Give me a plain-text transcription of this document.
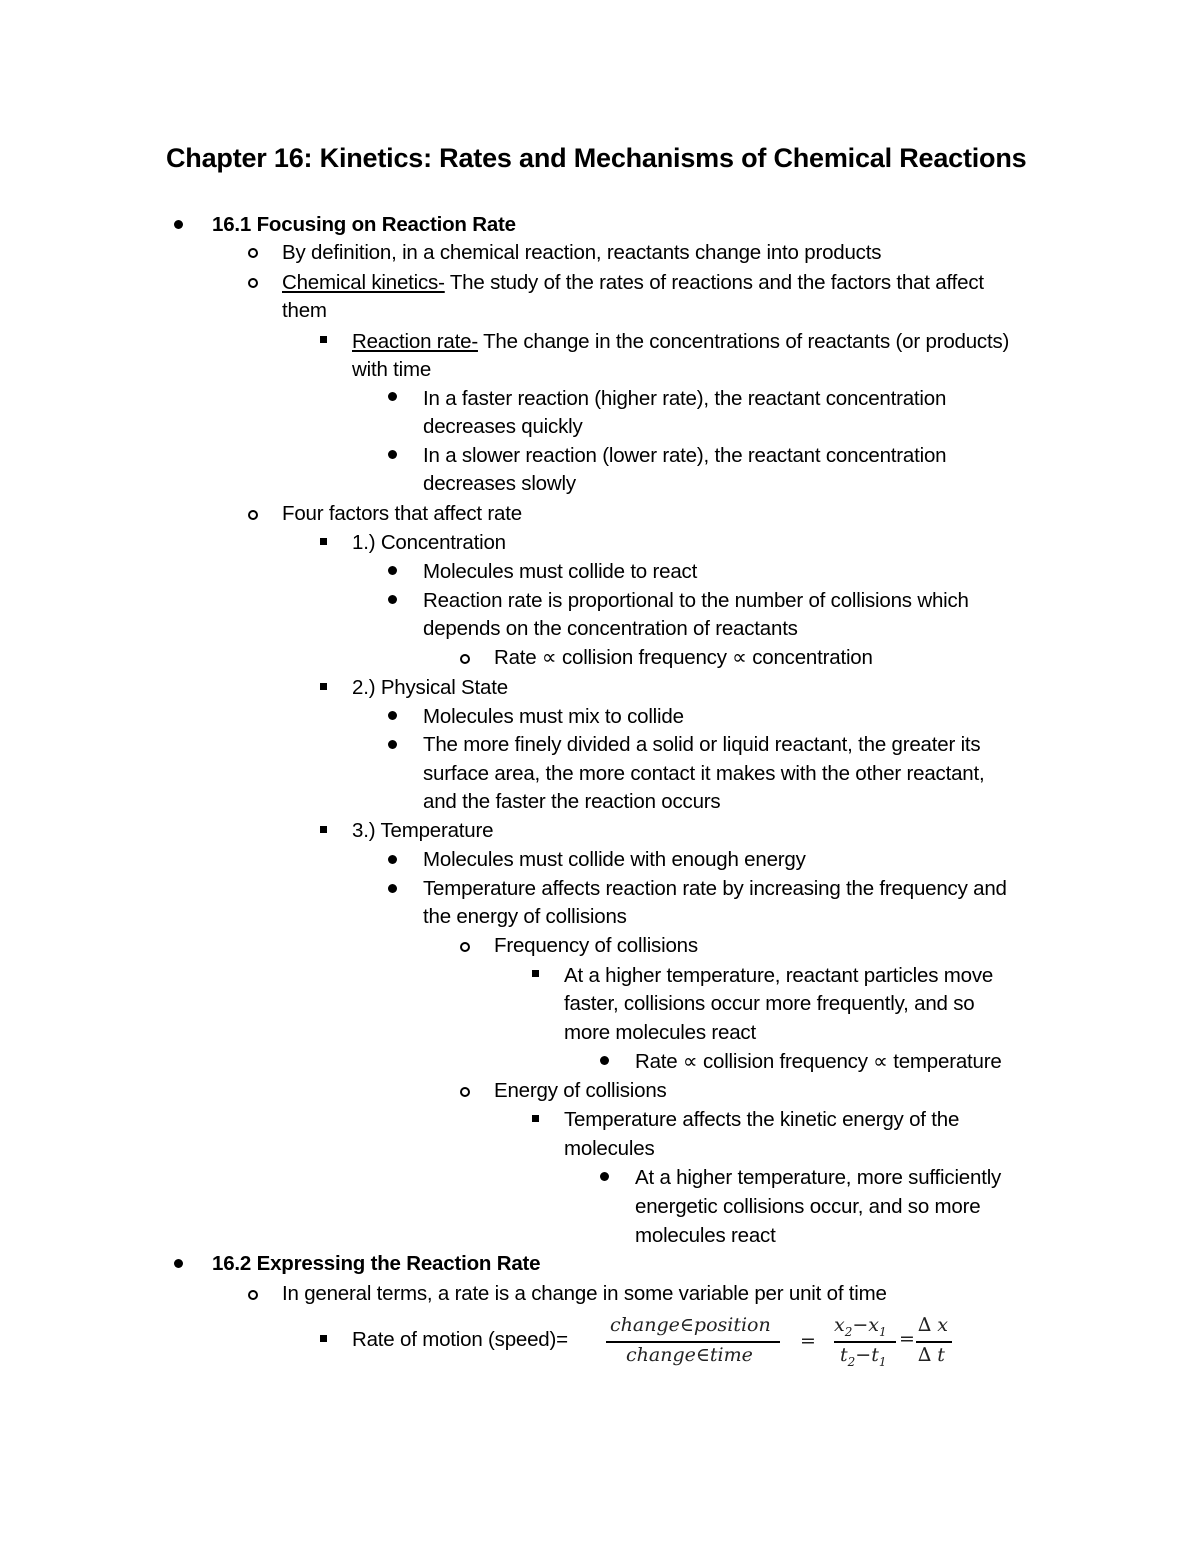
Chapter 16: Kinetics: Rates and Mechanisms of Chemical Reactions
16.1 Focusing on Reaction Rate
By definition, in a chemical reaction, reactants change into products
Chemical kinetics- The study of the rates of reactions and the factors that affect
them
Reaction rate- The change in the concentrations of reactants (or products)
with time
In a faster reaction (higher rate), the reactant concentration
decreases quickly
In a slower reaction (lower rate), the reactant concentration
decreases slowly
Four factors that affect rate
1.) Concentration
Molecules must collide to react
Reaction rate is proportional to the number of collisions which
depends on the concentration of reactants
Rate ∝ collision frequency ∝ concentration
2.) Physical State
Molecules must mix to collide
The more finely divided a solid or liquid reactant, the greater its
surface area, the more contact it makes with the other reactant,
and the faster the reaction occurs
3.) Temperature
Molecules must collide with enough energy
Temperature affects reaction rate by increasing the frequency and
the energy of collisions
Frequency of collisions
At a higher temperature, reactant particles move
faster, collisions occur more frequently, and so
more molecules react
Rate ∝ collision frequency ∝ temperature
Energy of collisions
Temperature affects the kinetic energy of the
molecules
At a higher temperature, more sufficiently
energetic collisions occur, and so more
molecules react
16.2 Expressing the Reaction Rate
In general terms, a rate is a change in some variable per unit of time
Rate of motion (speed)=
change∈position
change∈time
=
$x_2-x_1$
$t_2-t_1$
=
∆ x
∆ t
